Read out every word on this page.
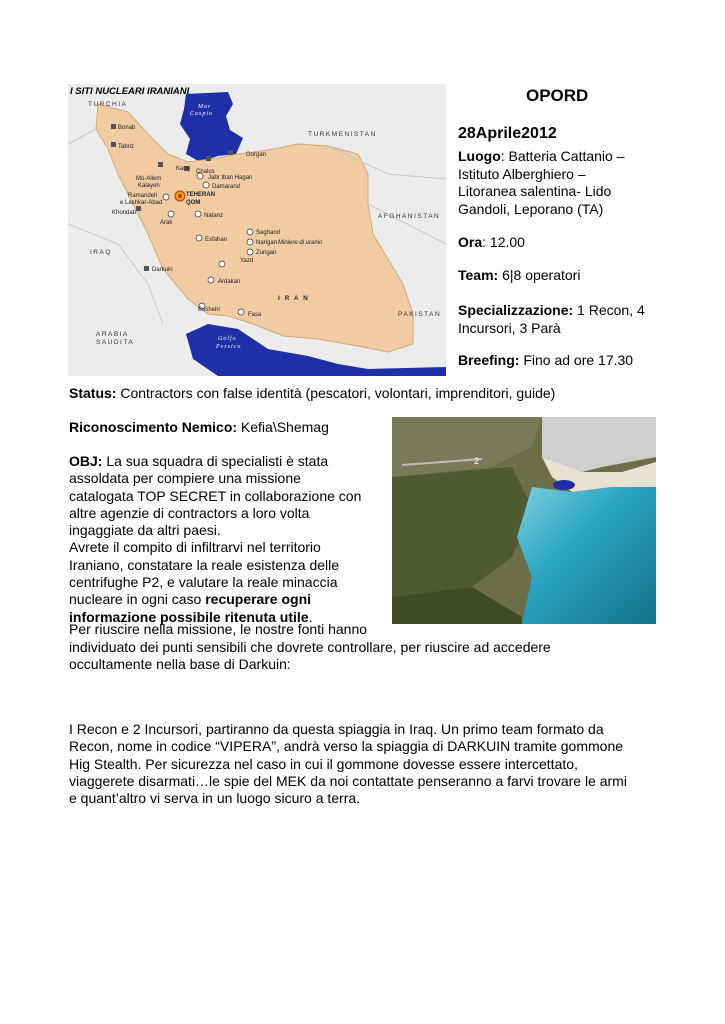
I SITI NUCLEARI IRANIANI
TURCHIA
TURKMENISTAN
AFGHANISTAN
PAKISTAN
IRAQ
ARABIA
SAUDITA
I R A N
Mar
Caspio
Golfo
Persico
Bonab
Tabriz
Chalus
Gorgan
Karaj
Mo-Allem
Kalayeh
Jabr Iban Hagan
Damarand
Ramandeh
e Lashkar-Abad
TEHERAN
QOM
Khondab
Arak
Natanz
Saghand
Narigan
Zurigan
Miniere di uranio
Esfahan
Yazd
Darkuin
Ardakan
Bushehr
Fasa
2
OPORD
28Aprile2012
Luogo: Batteria Cattanio –
Istituto Alberghiero –
Litoranea salentina- Lido
Gandoli, Leporano (TA)
Ora: 12.00
Team: 6|8 operatori
Specializzazione: 1 Recon, 4
Incursori, 3 Parà
Breefing: Fino ad ore 17.30
Status: Contractors con false identità (pescatori, volontari, imprenditori, guide)
Riconoscimento Nemico: Kefia\Shemag
OBJ: La sua squadra di specialisti è stata
assoldata per compiere una missione
catalogata TOP SECRET in collaborazione con
altre agenzie di contractors a loro volta
ingaggiate da altri paesi.
Avrete il compito di infiltrarvi nel territorio
Iraniano, constatare la reale esistenza delle
centrifughe P2, e valutare la reale minaccia
nucleare in ogni caso recuperare ogni
informazione possibile ritenuta utile.
Per riuscire nella missione, le nostre fonti hanno
individuato dei punti sensibili che dovrete controllare, per riuscire ad accedere
occultamente nella base di Darkuin:
I Recon e 2 Incursori, partiranno da questa spiaggia in Iraq. Un primo team formato da
Recon, nome in codice “VIPERA”, andrà verso la spiaggia di DARKUIN tramite gommone
Hig Stealth. Per sicurezza nel caso in cui il gommone dovesse essere intercettato,
viaggerete disarmati…le spie del MEK da noi contattate penseranno a farvi trovare le armi
e quant’altro vi serva in un luogo sicuro a terra.
